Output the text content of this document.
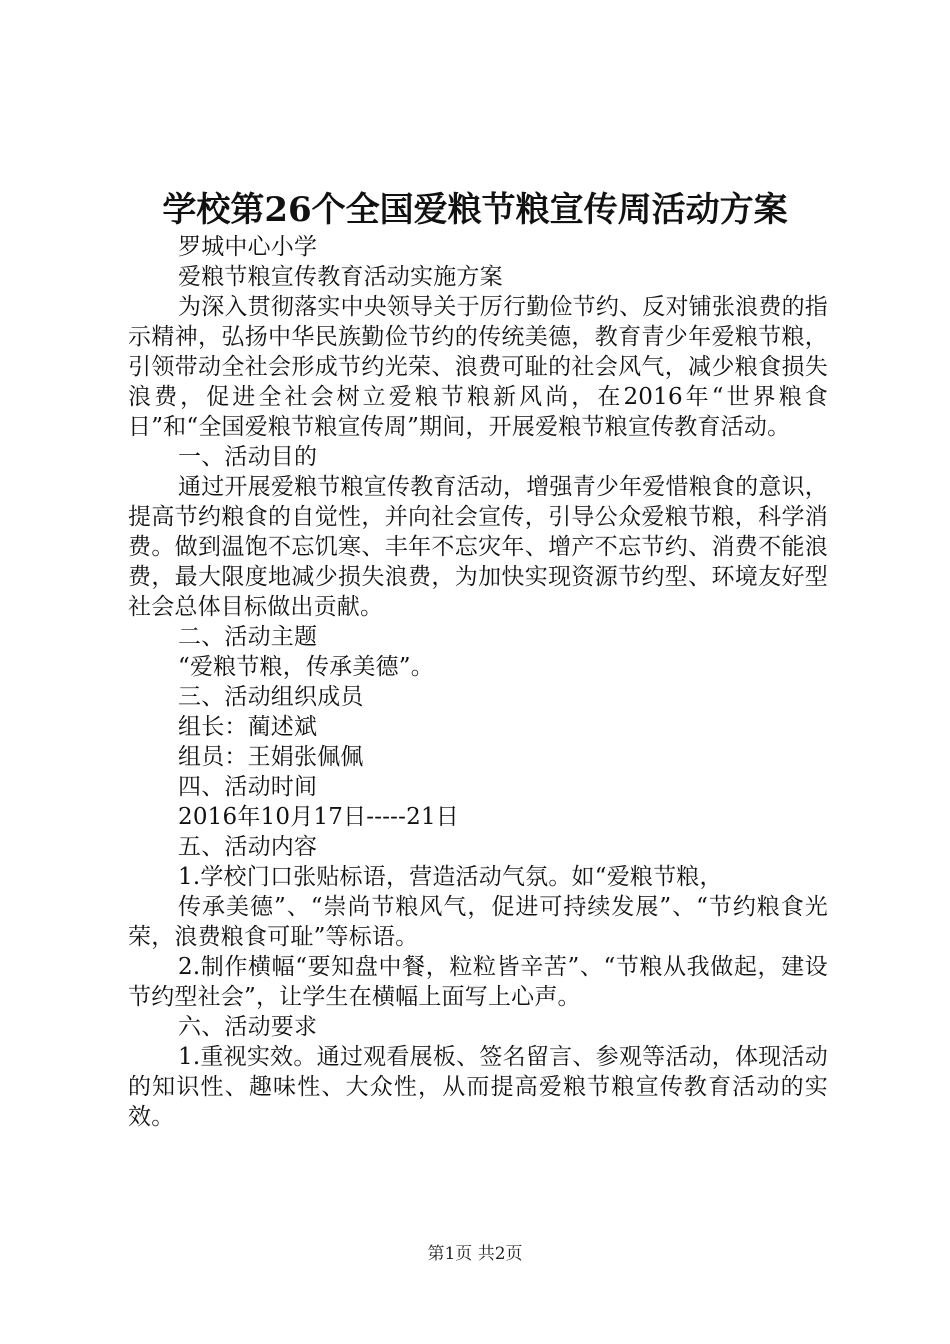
学校第26个全国爱粮节粮宣传周活动方案

罗城中心小学

爱粮节粮宣传教育活动实施方案

为深入贯彻落实中央领导关于厉行勤俭节约、反对铺张浪费的指示精神，弘扬中华民族勤俭节约的传统美德，教育青少年爱粮节粮，引领带动全社会形成节约光荣、浪费可耻的社会风气，减少粮食损失浪费，促进全社会树立爱粮节粮新风尚，在2016年“世界粮食日”和“全国爱粮节粮宣传周”期间，开展爱粮节粮宣传教育活动。

一、活动目的

通过开展爱粮节粮宣传教育活动，增强青少年爱惜粮食的意识，提高节约粮食的自觉性，并向社会宣传，引导公众爱粮节粮，科学消费。做到温饱不忘饥寒、丰年不忘灾年、增产不忘节约、消费不能浪费，最大限度地减少损失浪费，为加快实现资源节约型、环境友好型社会总体目标做出贡献。

二、活动主题

“爱粮节粮，传承美德”。

三、活动组织成员

组长：蔺述斌

组员：王娟张佩佩

四、活动时间

2016年10月17日-----21日

五、活动内容

1.学校门口张贴标语，营造活动气氛。如“爱粮节粮，

传承美德”、“崇尚节粮风气，促进可持续发展”、“节约粮食光荣，浪费粮食可耻”等标语。

2.制作横幅“要知盘中餐，粒粒皆辛苦”、“节粮从我做起，建设节约型社会”，让学生在横幅上面写上心声。

六、活动要求

1.重视实效。通过观看展板、签名留言、参观等活动，体现活动的知识性、趣味性、大众性，从而提高爱粮节粮宣传教育活动的实效。

第1页 共2页
